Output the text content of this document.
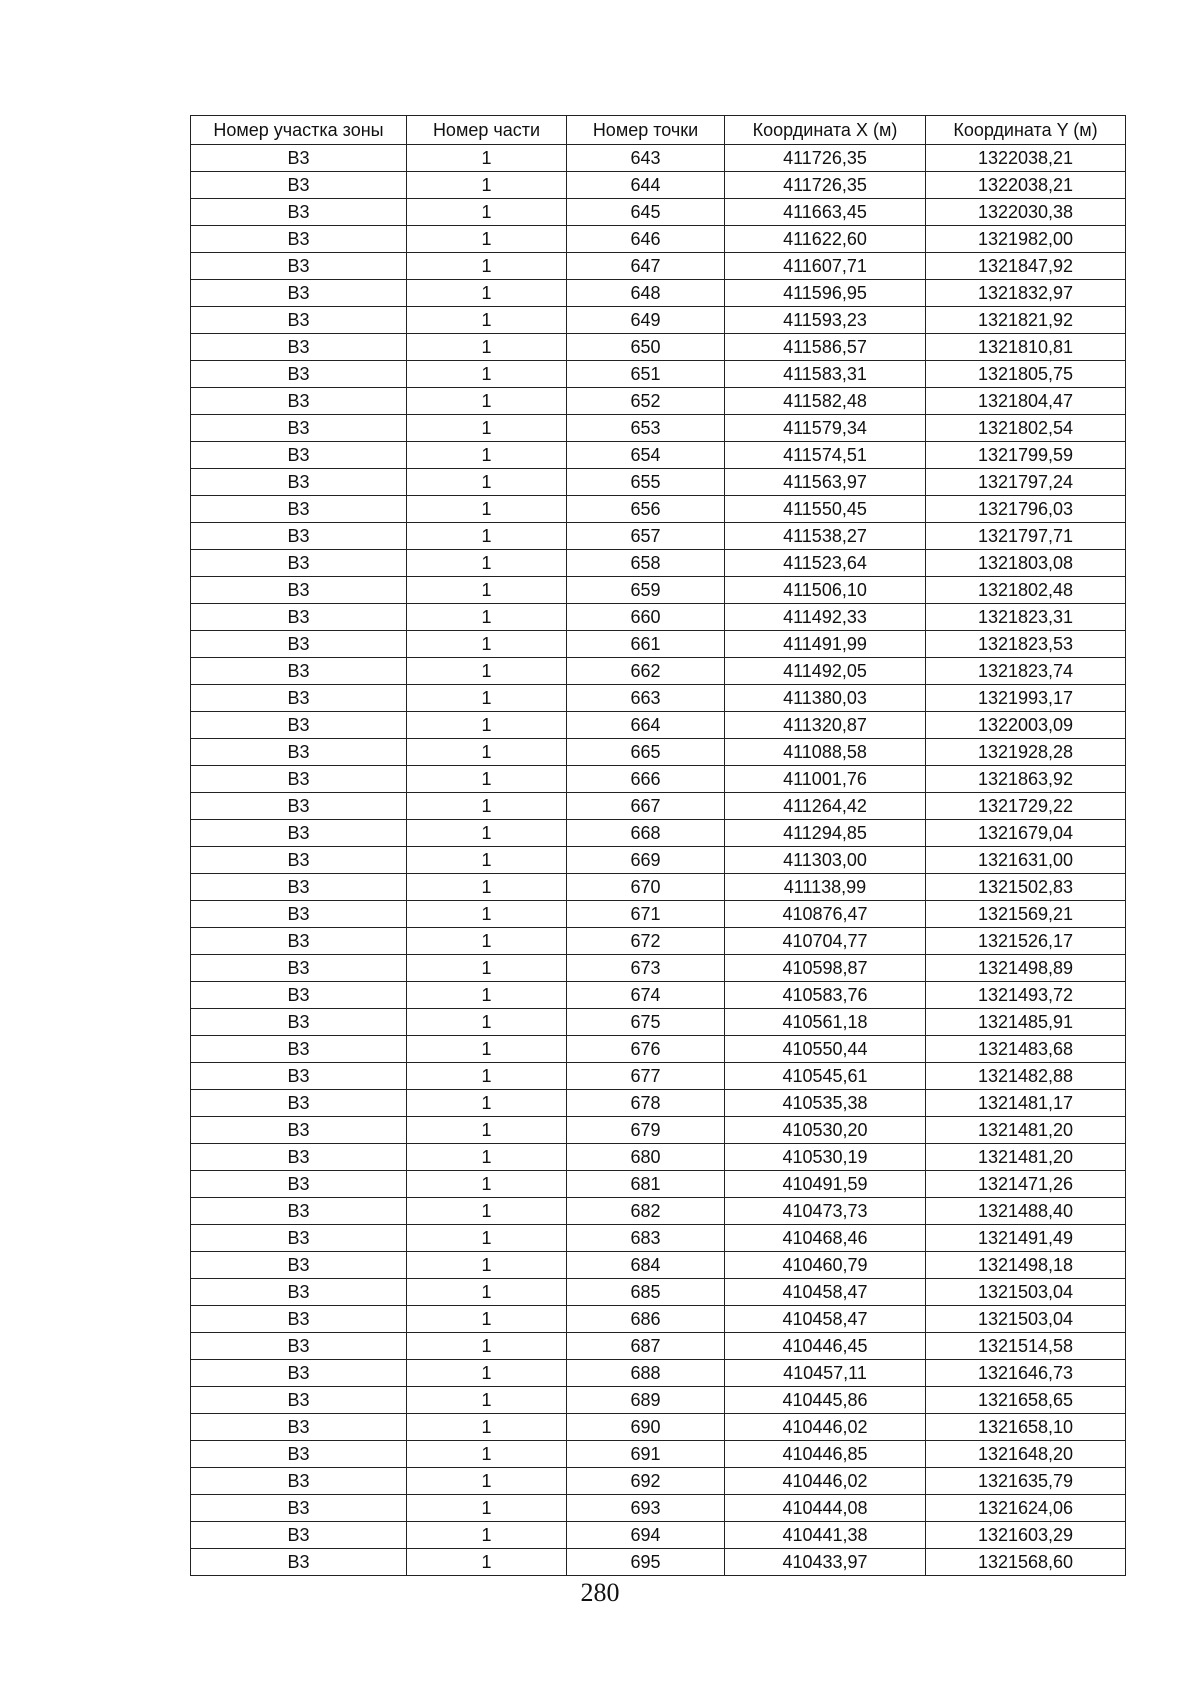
Номер участка зоны	Номер части	Номер точки	Координата X (м)	Координата Y (м)
В3	1	643	411726,35	1322038,21
В3	1	644	411726,35	1322038,21
В3	1	645	411663,45	1322030,38
В3	1	646	411622,60	1321982,00
В3	1	647	411607,71	1321847,92
В3	1	648	411596,95	1321832,97
В3	1	649	411593,23	1321821,92
В3	1	650	411586,57	1321810,81
В3	1	651	411583,31	1321805,75
В3	1	652	411582,48	1321804,47
В3	1	653	411579,34	1321802,54
В3	1	654	411574,51	1321799,59
В3	1	655	411563,97	1321797,24
В3	1	656	411550,45	1321796,03
В3	1	657	411538,27	1321797,71
В3	1	658	411523,64	1321803,08
В3	1	659	411506,10	1321802,48
В3	1	660	411492,33	1321823,31
В3	1	661	411491,99	1321823,53
В3	1	662	411492,05	1321823,74
В3	1	663	411380,03	1321993,17
В3	1	664	411320,87	1322003,09
В3	1	665	411088,58	1321928,28
В3	1	666	411001,76	1321863,92
В3	1	667	411264,42	1321729,22
В3	1	668	411294,85	1321679,04
В3	1	669	411303,00	1321631,00
В3	1	670	411138,99	1321502,83
В3	1	671	410876,47	1321569,21
В3	1	672	410704,77	1321526,17
В3	1	673	410598,87	1321498,89
В3	1	674	410583,76	1321493,72
В3	1	675	410561,18	1321485,91
В3	1	676	410550,44	1321483,68
В3	1	677	410545,61	1321482,88
В3	1	678	410535,38	1321481,17
В3	1	679	410530,20	1321481,20
В3	1	680	410530,19	1321481,20
В3	1	681	410491,59	1321471,26
В3	1	682	410473,73	1321488,40
В3	1	683	410468,46	1321491,49
В3	1	684	410460,79	1321498,18
В3	1	685	410458,47	1321503,04
В3	1	686	410458,47	1321503,04
В3	1	687	410446,45	1321514,58
В3	1	688	410457,11	1321646,73
В3	1	689	410445,86	1321658,65
В3	1	690	410446,02	1321658,10
В3	1	691	410446,85	1321648,20
В3	1	692	410446,02	1321635,79
В3	1	693	410444,08	1321624,06
В3	1	694	410441,38	1321603,29
В3	1	695	410433,97	1321568,60
280
